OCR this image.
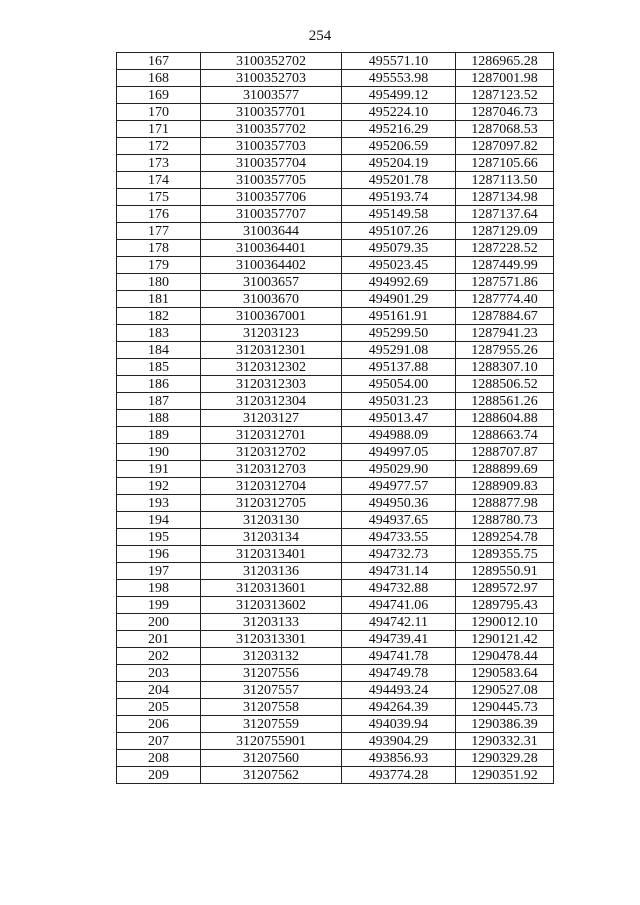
254
167	3100352702	495571.10	1286965.28
168	3100352703	495553.98	1287001.98
169	31003577	495499.12	1287123.52
170	3100357701	495224.10	1287046.73
171	3100357702	495216.29	1287068.53
172	3100357703	495206.59	1287097.82
173	3100357704	495204.19	1287105.66
174	3100357705	495201.78	1287113.50
175	3100357706	495193.74	1287134.98
176	3100357707	495149.58	1287137.64
177	31003644	495107.26	1287129.09
178	3100364401	495079.35	1287228.52
179	3100364402	495023.45	1287449.99
180	31003657	494992.69	1287571.86
181	31003670	494901.29	1287774.40
182	3100367001	495161.91	1287884.67
183	31203123	495299.50	1287941.23
184	3120312301	495291.08	1287955.26
185	3120312302	495137.88	1288307.10
186	3120312303	495054.00	1288506.52
187	3120312304	495031.23	1288561.26
188	31203127	495013.47	1288604.88
189	3120312701	494988.09	1288663.74
190	3120312702	494997.05	1288707.87
191	3120312703	495029.90	1288899.69
192	3120312704	494977.57	1288909.83
193	3120312705	494950.36	1288877.98
194	31203130	494937.65	1288780.73
195	31203134	494733.55	1289254.78
196	3120313401	494732.73	1289355.75
197	31203136	494731.14	1289550.91
198	3120313601	494732.88	1289572.97
199	3120313602	494741.06	1289795.43
200	31203133	494742.11	1290012.10
201	3120313301	494739.41	1290121.42
202	31203132	494741.78	1290478.44
203	31207556	494749.78	1290583.64
204	31207557	494493.24	1290527.08
205	31207558	494264.39	1290445.73
206	31207559	494039.94	1290386.39
207	3120755901	493904.29	1290332.31
208	31207560	493856.93	1290329.28
209	31207562	493774.28	1290351.92
